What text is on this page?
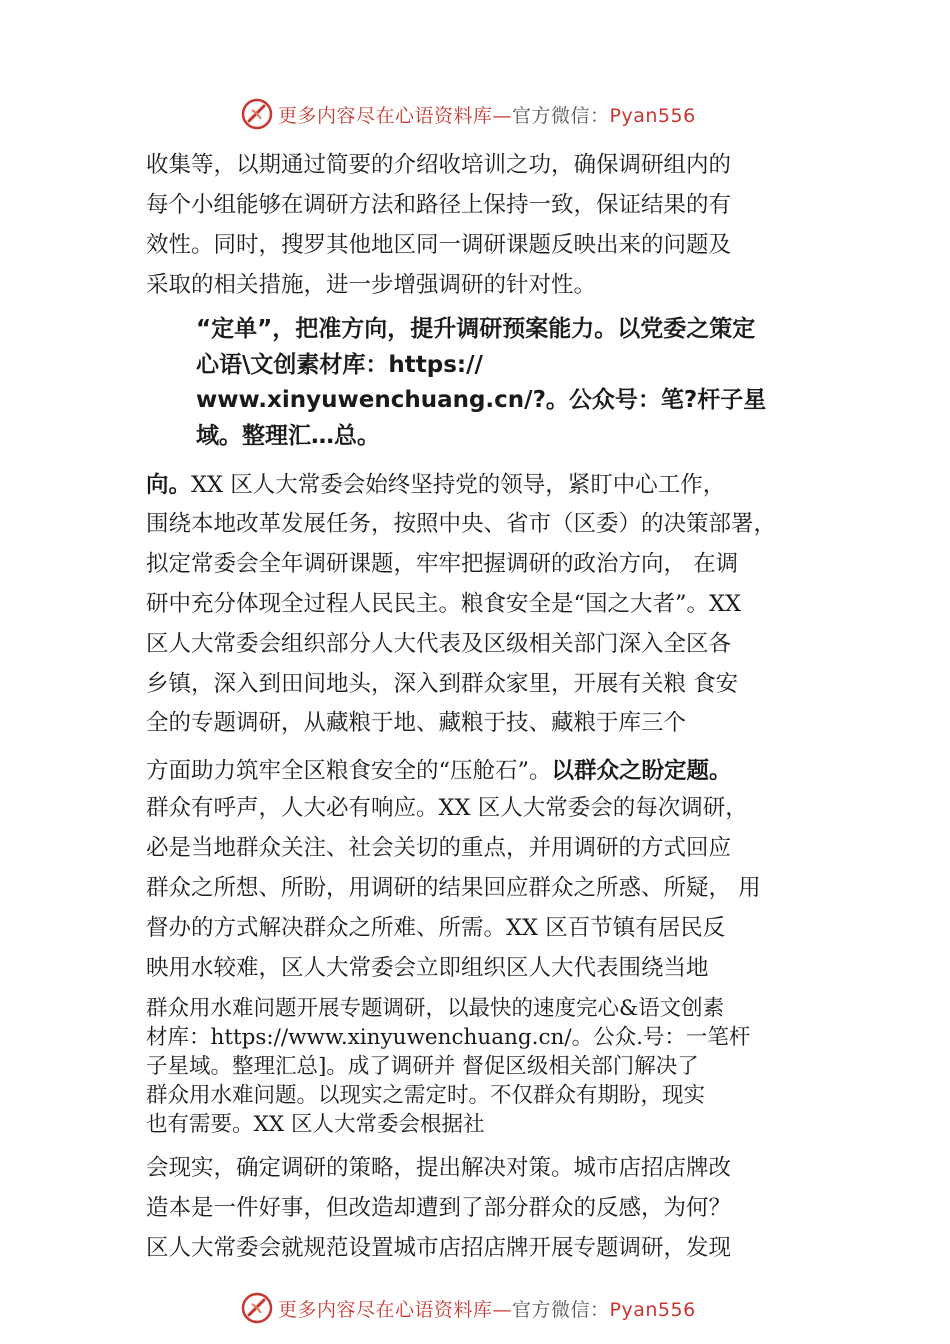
更多内容尽在心语资料库—官方微信：Pyan556
收集等，以期通过简要的介绍收培训之功，确保调研组内的
每个小组能够在调研方法和路径上保持一致，保证结果的有
效性。同时，搜罗其他地区同一调研课题反映出来的问题及
采取的相关措施，进一步增强调研的针对性。
“定单”，把准方向，提升调研预案能力。以党委之策定
心语\文创素材库：https://
www.xinyuwenchuang.cn/?。公众号：笔?杆子星
域。整理汇…总。
向。XX 区人大常委会始终坚持党的领导，紧盯中心工作，
围绕本地改革发展任务，按照中央、省市（区委）的决策部署，
拟定常委会全年调研课题，牢牢把握调研的政治方向， 在调
研中充分体现全过程人民民主。粮食安全是“国之大者”。XX
区人大常委会组织部分人大代表及区级相关部门深入全区各
乡镇，深入到田间地头，深入到群众家里，开展有关粮 食安
全的专题调研，从藏粮于地、藏粮于技、藏粮于库三个
方面助力筑牢全区粮食安全的“压舱石”。以群众之盼定题。
群众有呼声，人大必有响应。XX 区人大常委会的每次调研，
必是当地群众关注、社会关切的重点，并用调研的方式回应
群众之所想、所盼，用调研的结果回应群众之所惑、所疑， 用
督办的方式解决群众之所难、所需。XX 区百节镇有居民反
映用水较难，区人大常委会立即组织区人大代表围绕当地
群众用水难问题开展专题调研，以最快的速度完心&语文创素
材库：https://www.xinyuwenchuang.cn/。公众.号：一笔杆
子星域。整理汇总]。成了调研并 督促区级相关部门解决了
群众用水难问题。以现实之需定时。不仅群众有期盼，现实
也有需要。XX 区人大常委会根据社
会现实，确定调研的策略，提出解决对策。城市店招店牌改
造本是一件好事，但改造却遭到了部分群众的反感，为何？
区人大常委会就规范设置城市店招店牌开展专题调研，发现
更多内容尽在心语资料库—官方微信：Pyan556
